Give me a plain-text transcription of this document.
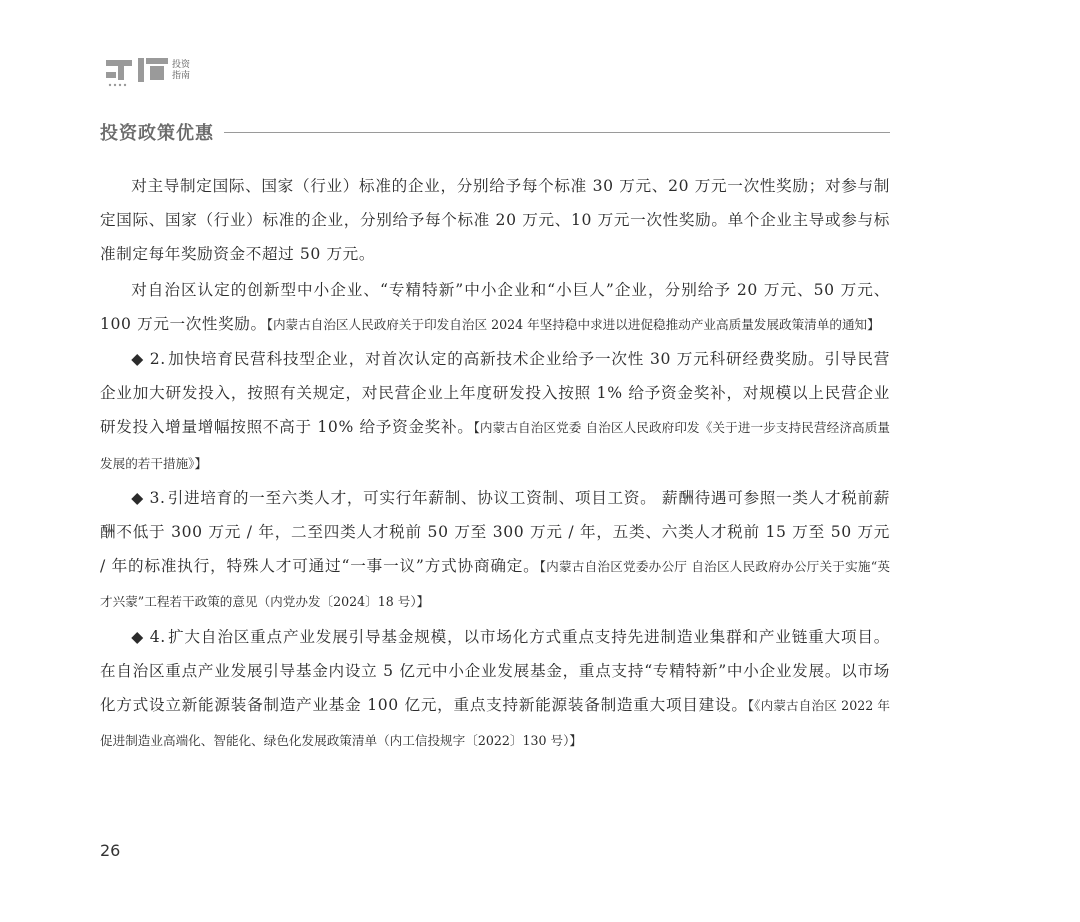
投资
指南
投资政策优惠

对主导制定国际、国家（行业）标准的企业，分别给予每个标准 30 万元、20 万元一次性奖励；对参与制定国际、国家（行业）标准的企业，分别给予每个标准 20 万元、10 万元一次性奖励。单个企业主导或参与标准制定每年奖励资金不超过 50 万元。

对自治区认定的创新型中小企业、“专精特新”中小企业和“小巨人”企业，分别给予 20 万元、50 万元、100 万元一次性奖励。【内蒙古自治区人民政府关于印发自治区 2024 年坚持稳中求进以进促稳推动产业高质量发展政策清单的通知】

◆ 2. 加快培育民营科技型企业，对首次认定的高新技术企业给予一次性 30 万元科研经费奖励。引导民营企业加大研发投入，按照有关规定，对民营企业上年度研发投入按照 1% 给予资金奖补，对规模以上民营企业研发投入增量增幅按照不高于 10% 给予资金奖补。【内蒙古自治区党委 自治区人民政府印发《关于进一步支持民营经济高质量发展的若干措施》】

◆ 3. 引进培育的一至六类人才，可实行年薪制、协议工资制、项目工资。 薪酬待遇可参照一类人才税前薪酬不低于 300 万元 / 年，二至四类人才税前 50 万至 300 万元 / 年，五类、六类人才税前 15 万至 50 万元 / 年的标准执行，特殊人才可通过“一事一议”方式协商确定。【内蒙古自治区党委办公厅 自治区人民政府办公厅关于实施“英才兴蒙”工程若干政策的意见（内党办发〔2024〕18 号）】

◆ 4. 扩大自治区重点产业发展引导基金规模，以市场化方式重点支持先进制造业集群和产业链重大项目。在自治区重点产业发展引导基金内设立 5 亿元中小企业发展基金，重点支持“专精特新”中小企业发展。以市场化方式设立新能源装备制造产业基金 100 亿元，重点支持新能源装备制造重大项目建设。【《内蒙古自治区 2022 年促进制造业高端化、智能化、绿色化发展政策清单（内工信投规字〔2022〕130 号）】

26
